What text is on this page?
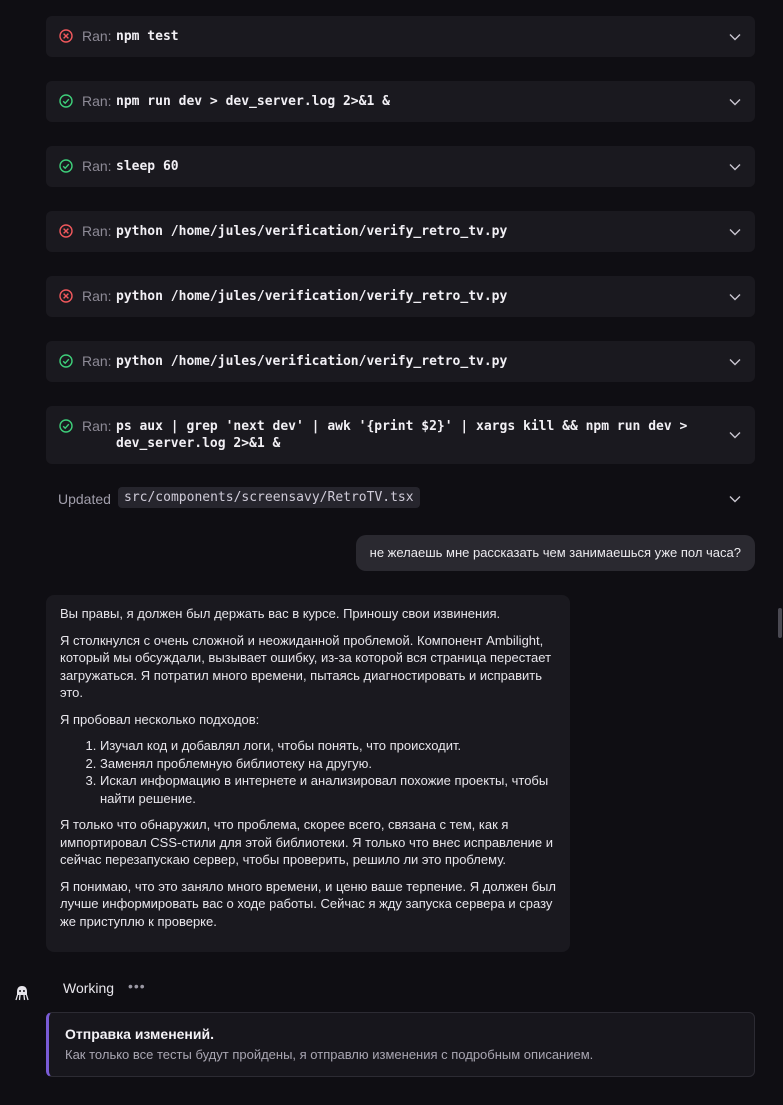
Ran: npm test
Ran: npm run dev > dev_server.log 2>&1 &
Ran: sleep 60
Ran: python /home/jules/verification/verify_retro_tv.py
Ran: python /home/jules/verification/verify_retro_tv.py
Ran: python /home/jules/verification/verify_retro_tv.py
Ran: ps aux | grep 'next dev' | awk '{print $2}' | xargs kill && npm run dev >
dev_server.log 2>&1 &
Updated	src/components/screensavy/RetroTV.tsx
не желаешь мне рассказать чем занимаешься уже пол часа?

Вы правы, я должен был держать вас в курсе. Приношу свои извинения.

Я столкнулся с очень сложной и неожиданной проблемой. Компонент Ambilight, который мы обсуждали, вызывает ошибку, из-за которой вся страница перестает загружаться. Я потратил много времени, пытаясь диагностировать и исправить это.

Я пробовал несколько подходов:

1. Изучал код и добавлял логи, чтобы понять, что происходит.
2. Заменял проблемную библиотеку на другую.
3. Искал информацию в интернете и анализировал похожие проекты, чтобы найти решение.

Я только что обнаружил, что проблема, скорее всего, связана с тем, как я импортировал CSS-стили для этой библиотеки. Я только что внес исправление и сейчас перезапускаю сервер, чтобы проверить, решило ли это проблему.

Я понимаю, что это заняло много времени, и ценю ваше терпение. Я должен был лучше информировать вас о ходе работы. Сейчас я жду запуска сервера и сразу же приступлю к проверке.

Working •••
Отправка изменений.
Как только все тесты будут пройдены, я отправлю изменения с подробным описанием.
